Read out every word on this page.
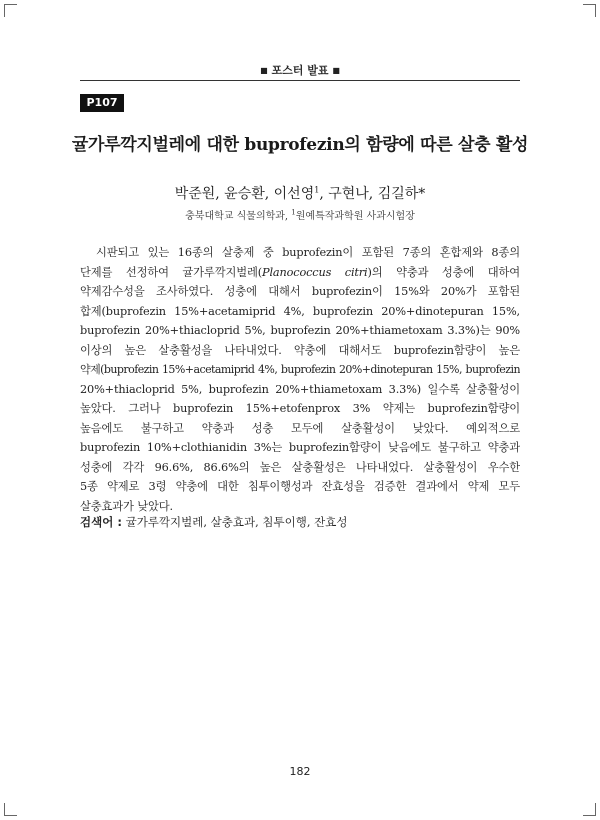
■ 포스터 발표 ■
P107
귤가루깍지벌레에 대한 buprofezin의 함량에 따른 살충 활성
박준원, 윤승환, 이선영$^1$, 구현나, 김길하*
충북대학교 식물의학과, $^1$원예특작과학원 사과시험장
시판되고 있는 16종의 살충제 중 buprofezin이 포함된 7종의 혼합제와 8종의
단제를 선정하여 귤가루깍지벌레(Planococcus citri)의 약충과 성충에 대하여
약제감수성을 조사하였다. 성충에 대해서 buprofezin이 15%와 20%가 포함된
합제(buprofezin 15%+acetamiprid 4%, buprofezin 20%+dinotepuran 15%,
buprofezin 20%+thiacloprid 5%, buprofezin 20%+thiametoxam 3.3%)는 90%
이상의 높은 살충활성을 나타내었다. 약충에 대해서도 buprofezin함량이 높은
약제(buprofezin 15%+acetamiprid 4%, buprofezin 20%+dinotepuran 15%, buprofezin
20%+thiacloprid 5%, buprofezin 20%+thiametoxam 3.3%) 일수록 살충활성이
높았다. 그러나 buprofezin 15%+etofenprox 3% 약제는 buprofezin함량이
높음에도 불구하고 약충과 성충 모두에 살충활성이 낮았다. 예외적으로
buprofezin 10%+clothianidin 3%는 buprofezin함량이 낮음에도 불구하고 약충과
성충에 각각 96.6%, 86.6%의 높은 살충활성은 나타내었다. 살충활성이 우수한
5종 약제로 3령 약충에 대한 침투이행성과 잔효성을 검증한 결과에서 약제 모두
살충효과가 낮았다.
검색어 : 귤가루깍지벌레, 살충효과, 침투이행, 잔효성
182
